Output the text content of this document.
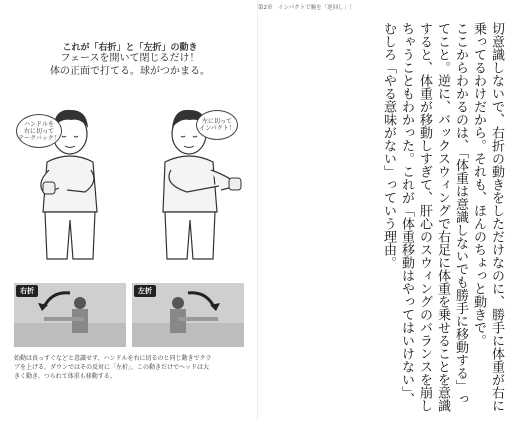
これが「右折」と「左折」の動き
フェースを開いて閉じるだけ！
体の正面で打てる。球がつかまる。
ハンドルを
右に切って
テークバック！
左に切って
インパクト！
右折	左折
始動は真っすぐなどと意識せず、ハンドルを右に切るのと同じ動きでクラ
ブを上げる。ダウンではその反対に「左折」。この動きだけでヘッドは大
きく動き、つられて体重も移動する。
第2章　インパクトで腕を「逆回し」！

切意識しないで、右折の動きをしただけなのに、勝手に体重が右に乗ってるわけだから。それも、ほんのちょっと動きで。

ここからわかるのは、「体重は意識しないでも勝手に移動する」ってこと。逆に、バックスウィングで右足に体重を乗せることを意識すると、体重が移動しすぎて、肝心のスウィングのバランスを崩しちゃうこともわかった。これが「体重移動はやってはいけない」、むしろ「やる意味がない」っていう理由。
